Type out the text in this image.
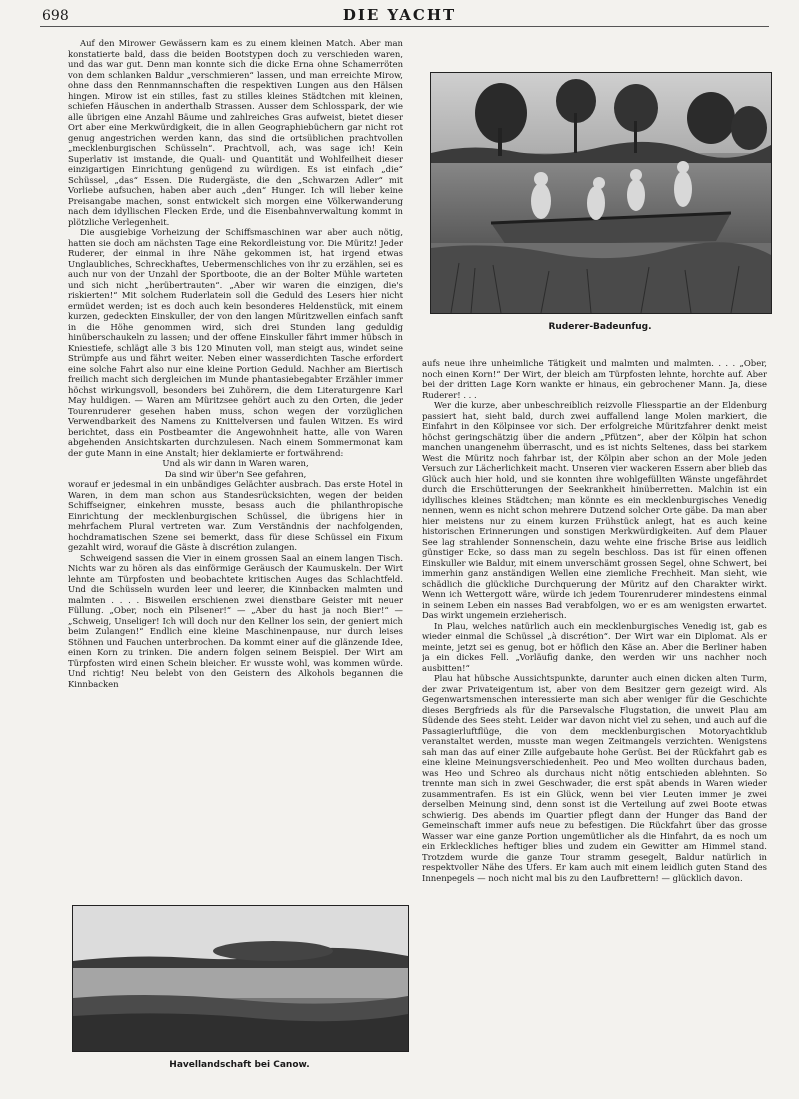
698	DIE YACHT

Auf den Mirower Gewässern kam es zu einem kleinen Match. Aber man konstatierte bald, dass die beiden Bootstypen doch zu verschieden waren, und das war gut. Denn man konnte sich die dicke Erna ohne Schamerröten von dem schlanken Baldur „verschmieren“ lassen, und man erreichte Mirow, ohne dass den Rennmannschaften die respektiven Lungen aus den Hälsen hingen. Mirow ist ein stilles, fast zu stilles kleines Städtchen mit kleinen, schiefen Häuschen in anderthalb Strassen. Ausser dem Schlosspark, der wie alle übrigen eine Anzahl Bäume und zahlreiches Gras aufweist, bietet dieser Ort aber eine Merkwürdigkeit, die in allen Geographiebüchern gar nicht rot genug angestrichen werden kann, das sind die ortsüblichen prachtvollen „mecklenburgischen Schüsseln“. Prachtvoll, ach, was sage ich! Kein Superlativ ist imstande, die Quali- und Quantität und Wohlfeilheit dieser einzigartigen Einrichtung genügend zu würdigen. Es ist einfach „die“ Schüssel, „das“ Essen. Die Rudergäste, die den „Schwarzen Adler“ mit Vorliebe aufsuchen, haben aber auch „den“ Hunger. Ich will lieber keine Preisangabe machen, sonst entwickelt sich morgen eine Völkerwanderung nach dem idyllischen Flecken Erde, und die Eisenbahnverwaltung kommt in plötzliche Verlegenheit.

Die ausgiebige Vorheizung der Schiffsmaschinen war aber auch nötig, hatten sie doch am nächsten Tage eine Rekordleistung vor. Die Müritz! Jeder Ruderer, der einmal in ihre Nähe gekommen ist, hat irgend etwas Unglaubliches, Schreckhaftes, Uebermenschliches von ihr zu erzählen, sei es auch nur von der Unzahl der Sportboote, die an der Bolter Mühle warteten und sich nicht „herübertrauten“. „Aber wir waren die einzigen, die's riskierten!“ Mit solchem Ruderlatein soll die Geduld des Lesers hier nicht ermüdet werden; ist es doch auch kein besonderes Heldenstück, mit einem kurzen, gedeckten Einskuller, der von den langen Müritzwellen einfach sanft in die Höhe genommen wird, sich drei Stunden lang geduldig hinüberschaukeln zu lassen; und der offene Einskuller fährt immer hübsch in Kniestiefe, schlägt alle 3 bis 120 Minuten voll, man steigt aus, windet seine Strümpfe aus und fährt weiter. Neben einer wasserdichten Tasche erfordert eine solche Fahrt also nur eine kleine Portion Geduld. Nachher am Biertisch freilich macht sich dergleichen im Munde phantasiebegabter Erzähler immer höchst wirkungsvoll, besonders bei Zuhörern, die dem Literaturgenre Karl May huldigen. — Waren am Müritzsee gehört auch zu den Orten, die jeder Tourenruderer gesehen haben muss, schon wegen der vorzüglichen Verwendbarkeit des Namens zu Knittelversen und faulen Witzen. Es wird berichtet, dass ein Postbeamter die Angewohnheit hatte, alle von Waren abgehenden Ansichtskarten durchzulesen. Nach einem Sommermonat kam der gute Mann in eine Anstalt; hier deklamierte er fortwährend:

Und als wir dann in Waren waren,

Da sind wir über'n See gefahren,

worauf er jedesmal in ein unbändiges Gelächter ausbrach. Das erste Hotel in Waren, in dem man schon aus Standesrücksichten, wegen der beiden Schiffseigner, einkehren musste, besass auch die philanthropische Einrichtung der mecklenburgischen Schüssel, die übrigens hier in mehrfachem Plural vertreten war. Zum Verständnis der nachfolgenden, hochdramatischen Szene sei bemerkt, dass für diese Schüssel ein Fixum gezahlt wird, worauf die Gäste à discrétion zulangen.

Schweigend sassen die Vier in einem grossen Saal an einem langen Tisch. Nichts war zu hören als das einförmige Geräusch der Kaumuskeln. Der Wirt lehnte am Türpfosten und beobachtete kritischen Auges das Schlachtfeld. Und die Schüsseln wurden leer und leerer, die Kinnbacken malmten und malmten . . . . Bisweilen erschienen zwei dienstbare Geister mit neuer Füllung. „Ober, noch ein Pilsener!“ — „Aber du hast ja noch Bier!“ — „Schweig, Unseliger! Ich will doch nur den Kellner los sein, der geniert mich beim Zulangen!“ Endlich eine kleine Maschinenpause, nur durch leises Stöhnen und Fauchen unterbrochen. Da kommt einer auf die glänzende Idee, einen Korn zu trinken. Die andern folgen seinem Beispiel. Der Wirt am Türpfosten wird einen Schein bleicher. Er wusste wohl, was kommen würde. Und richtig! Neu belebt von den Geistern des Alkohols begannen die Kinnbacken

Ruderer-Badeunfug.

aufs neue ihre unheimliche Tätigkeit und malmten und malmten. . . . „Ober, noch einen Korn!“ Der Wirt, der bleich am Türpfosten lehnte, horchte auf. Aber bei der dritten Lage Korn wankte er hinaus, ein gebrochener Mann. Ja, diese Ruderer! . . .

Wer die kurze, aber unbeschreiblich reizvolle Fliesspartie an der Eldenburg passiert hat, sieht bald, durch zwei auffallend lange Molen markiert, die Einfahrt in den Kölpinsee vor sich. Der erfolgreiche Müritzfahrer denkt meist höchst geringschätzig über die andern „Pfützen“, aber der Kölpin hat schon manchen unangenehm überrascht, und es ist nichts Seltenes, dass bei starkem West die Müritz noch fahrbar ist, der Kölpin aber schon an der Mole jeden Versuch zur Lächerlichkeit macht. Unseren vier wackeren Essern aber blieb das Glück auch hier hold, und sie konnten ihre wohlgefüllten Wänste ungefährdet durch die Erschütterungen der Seekrankheit hinüberretten. Malchin ist ein idyllisches kleines Städtchen; man könnte es ein mecklenburgisches Venedig nennen, wenn es nicht schon mehrere Dutzend solcher Orte gäbe. Da man aber hier meistens nur zu einem kurzen Frühstück anlegt, hat es auch keine historischen Erinnerungen und sonstigen Merkwürdigkeiten. Auf dem Plauer See lag strahlender Sonnenschein, dazu wehte eine frische Brise aus leidlich günstiger Ecke, so dass man zu segeln beschloss. Das ist für einen offenen Einskuller wie Baldur, mit einem unverschämt grossen Segel, ohne Schwert, bei immerhin ganz anständigen Wellen eine ziemliche Frechheit. Man sieht, wie schädlich die glückliche Durchquerung der Müritz auf den Charakter wirkt. Wenn ich Wettergott wäre, würde ich jedem Tourenruderer mindestens einmal in seinem Leben ein nasses Bad verabfolgen, wo er es am wenigsten erwartet. Das wirkt ungemein erzieherisch.

In Plau, welches natürlich auch ein mecklenburgisches Venedig ist, gab es wieder einmal die Schüssel „à discrétion“. Der Wirt war ein Diplomat. Als er meinte, jetzt sei es genug, bot er höflich den Käse an. Aber die Berliner haben ja ein dickes Fell. „Vorläufig danke, den werden wir uns nachher noch ausbitten!“

Plau hat hübsche Aussichtspunkte, darunter auch einen dicken alten Turm, der zwar Privateigentum ist, aber von dem Besitzer gern gezeigt wird. Als Gegenwartsmenschen interessierte man sich aber weniger für die Geschichte dieses Bergfrieds als für die Parsevalsche Flugstation, die unweit Plau am Südende des Sees steht. Leider war davon nicht viel zu sehen, und auch auf die Passagierluftflüge, die von dem mecklenburgischen Motoryachtklub veranstaltet werden, musste man wegen Zeitmangels verzichten. Wenigstens sah man das auf einer Zille aufgebaute hohe Gerüst. Bei der Rückfahrt gab es eine kleine Meinungsverschiedenheit. Peo und Meo wollten durchaus baden, was Heo und Schreo als durchaus nicht nötig entschieden ablehnten. So trennte man sich in zwei Geschwader, die erst spät abends in Waren wieder zusammentrafen. Es ist ein Glück, wenn bei vier Leuten immer je zwei derselben Meinung sind, denn sonst ist die Verteilung auf zwei Boote etwas schwierig. Des abends im Quartier pflegt dann der Hunger das Band der Gemeinschaft immer aufs neue zu befestigen. Die Rückfahrt über das grosse Wasser war eine ganze Portion ungemütlicher als die Hinfahrt, da es noch um ein Erkleckliches heftiger blies und zudem ein Gewitter am Himmel stand. Trotzdem wurde die ganze Tour stramm gesegelt, Baldur natürlich in respektvoller Nähe des Ufers. Er kam auch mit einem leidlich guten Stand des Innenpegels — noch nicht mal bis zu den Laufbrettern! — glücklich davon.

Havellandschaft bei Canow.
